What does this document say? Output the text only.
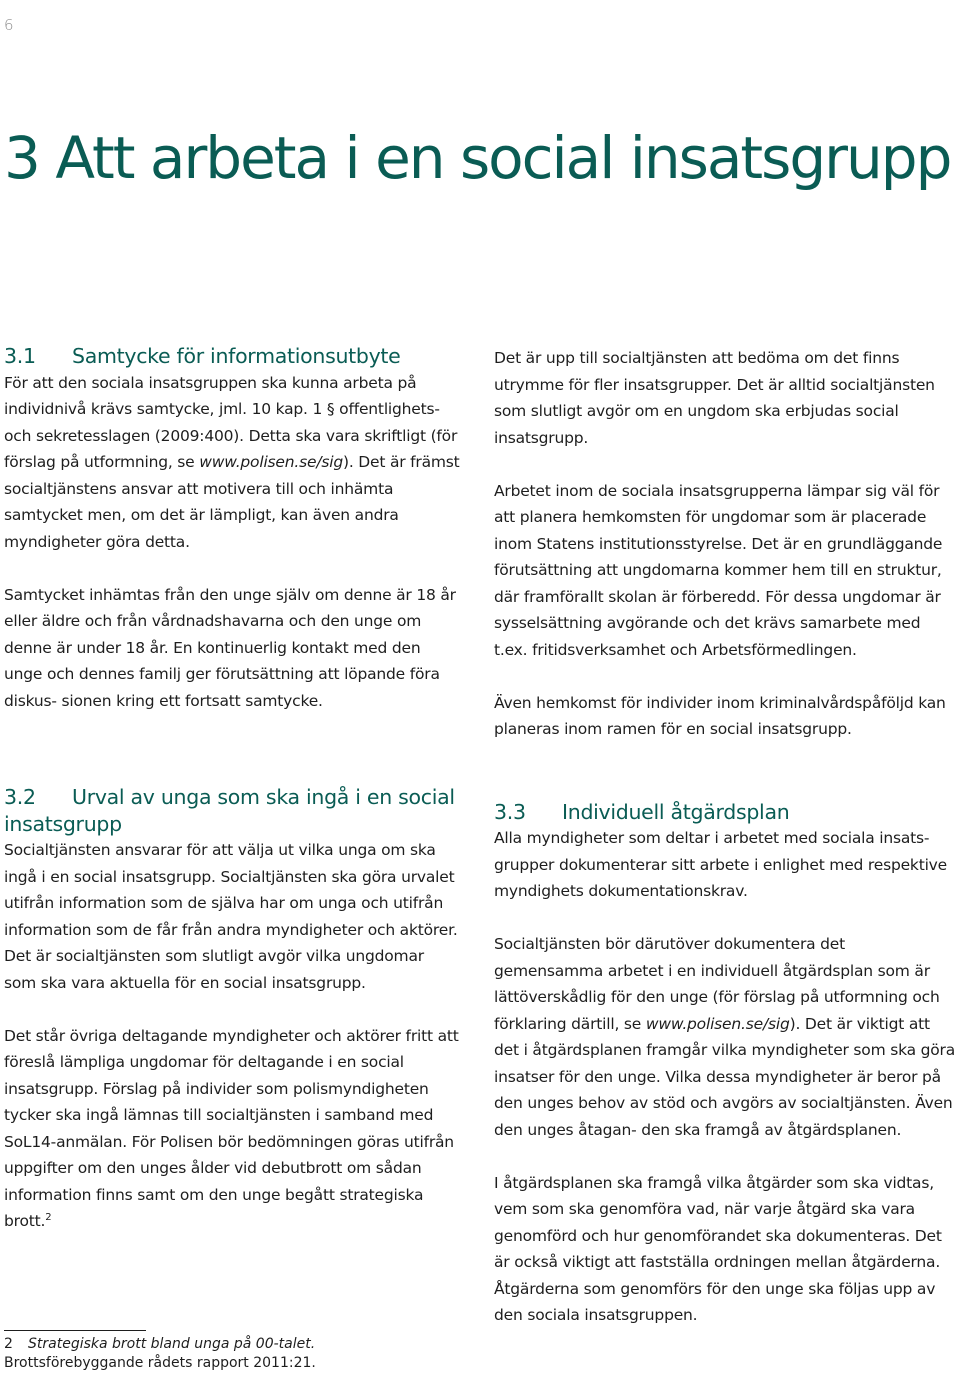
6
3 Att arbeta i en social insatsgrupp
3.1 Samtycke för informationsutbyte

För att den sociala insatsgruppen ska kunna arbeta på individnivå krävs samtycke, jml. 10 kap. 1 § offentlighets- och sekretesslagen (2009:400). Detta ska vara skriftligt (för förslag på utformning, se www.polisen.se/sig). Det är främst socialtjänstens ansvar att motivera till och inhämta samtycket men, om det är lämpligt, kan även andra myndigheter göra detta.

Samtycket inhämtas från den unge själv om denne är 18 år eller äldre och från vårdnadshavarna och den unge om denne är under 18 år. En kontinuerlig kontakt med den unge och dennes familj ger förutsättning att löpande föra diskus- sionen kring ett fortsatt samtycke.

3.2 Urval av unga som ska ingå i en social
insatsgrupp

Socialtjänsten ansvarar för att välja ut vilka unga om ska ingå i en social insatsgrupp. Socialtjänsten ska göra urvalet utifrån information som de själva har om unga och utifrån information som de får från andra myndigheter och aktörer. Det är socialtjänsten som slutligt avgör vilka ungdomar som ska vara aktuella för en social insatsgrupp.

Det står övriga deltagande myndigheter och aktörer fritt att föreslå lämpliga ungdomar för deltagande i en social insatsgrupp. Förslag på individer som polismyndigheten tycker ska ingå lämnas till socialtjänsten i samband med SoL14-anmälan. För Polisen bör bedömningen göras utifrån uppgifter om den unges ålder vid debutbrott om sådan information finns samt om den unge begått strategiska brott.$^2$

Det är upp till socialtjänsten att bedöma om det finns utrymme för fler insatsgrupper. Det är alltid socialtjänsten som slutligt avgör om en ungdom ska erbjudas social insatsgrupp.

Arbetet inom de sociala insatsgrupperna lämpar sig väl för att planera hemkomsten för ungdomar som är placerade inom Statens institutionsstyrelse. Det är en grundläggande förutsättning att ungdomarna kommer hem till en struktur, där framförallt skolan är förberedd. För dessa ungdomar är sysselsättning avgörande och det krävs samarbete med t.ex. fritidsverksamhet och Arbetsförmedlingen.

Även hemkomst för individer inom kriminalvårdspåföljd kan planeras inom ramen för en social insatsgrupp.

3.3 Individuell åtgärdsplan

Alla myndigheter som deltar i arbetet med sociala insats- grupper dokumenterar sitt arbete i enlighet med respektive myndighets dokumentationskrav.

Socialtjänsten bör därutöver dokumentera det gemensamma arbetet i en individuell åtgärdsplan som är lättöverskådlig för den unge (för förslag på utformning och förklaring därtill, se www.polisen.se/sig). Det är viktigt att det i åtgärdsplanen framgår vilka myndigheter som ska göra insatser för den unge. Vilka dessa myndigheter är beror på den unges behov av stöd och avgörs av socialtjänsten. Även den unges åtagan- den ska framgå av åtgärdsplanen.

I åtgärdsplanen ska framgå vilka åtgärder som ska vidtas, vem som ska genomföra vad, när varje åtgärd ska vara genomförd och hur genomförandet ska dokumenteras. Det är också viktigt att fastställa ordningen mellan åtgärderna. Åtgärderna som genomförs för den unge ska följas upp av den sociala insatsgruppen.

2 Strategiska brott bland unga på 00-talet.
Brottsförebyggande rådets rapport 2011:21.
